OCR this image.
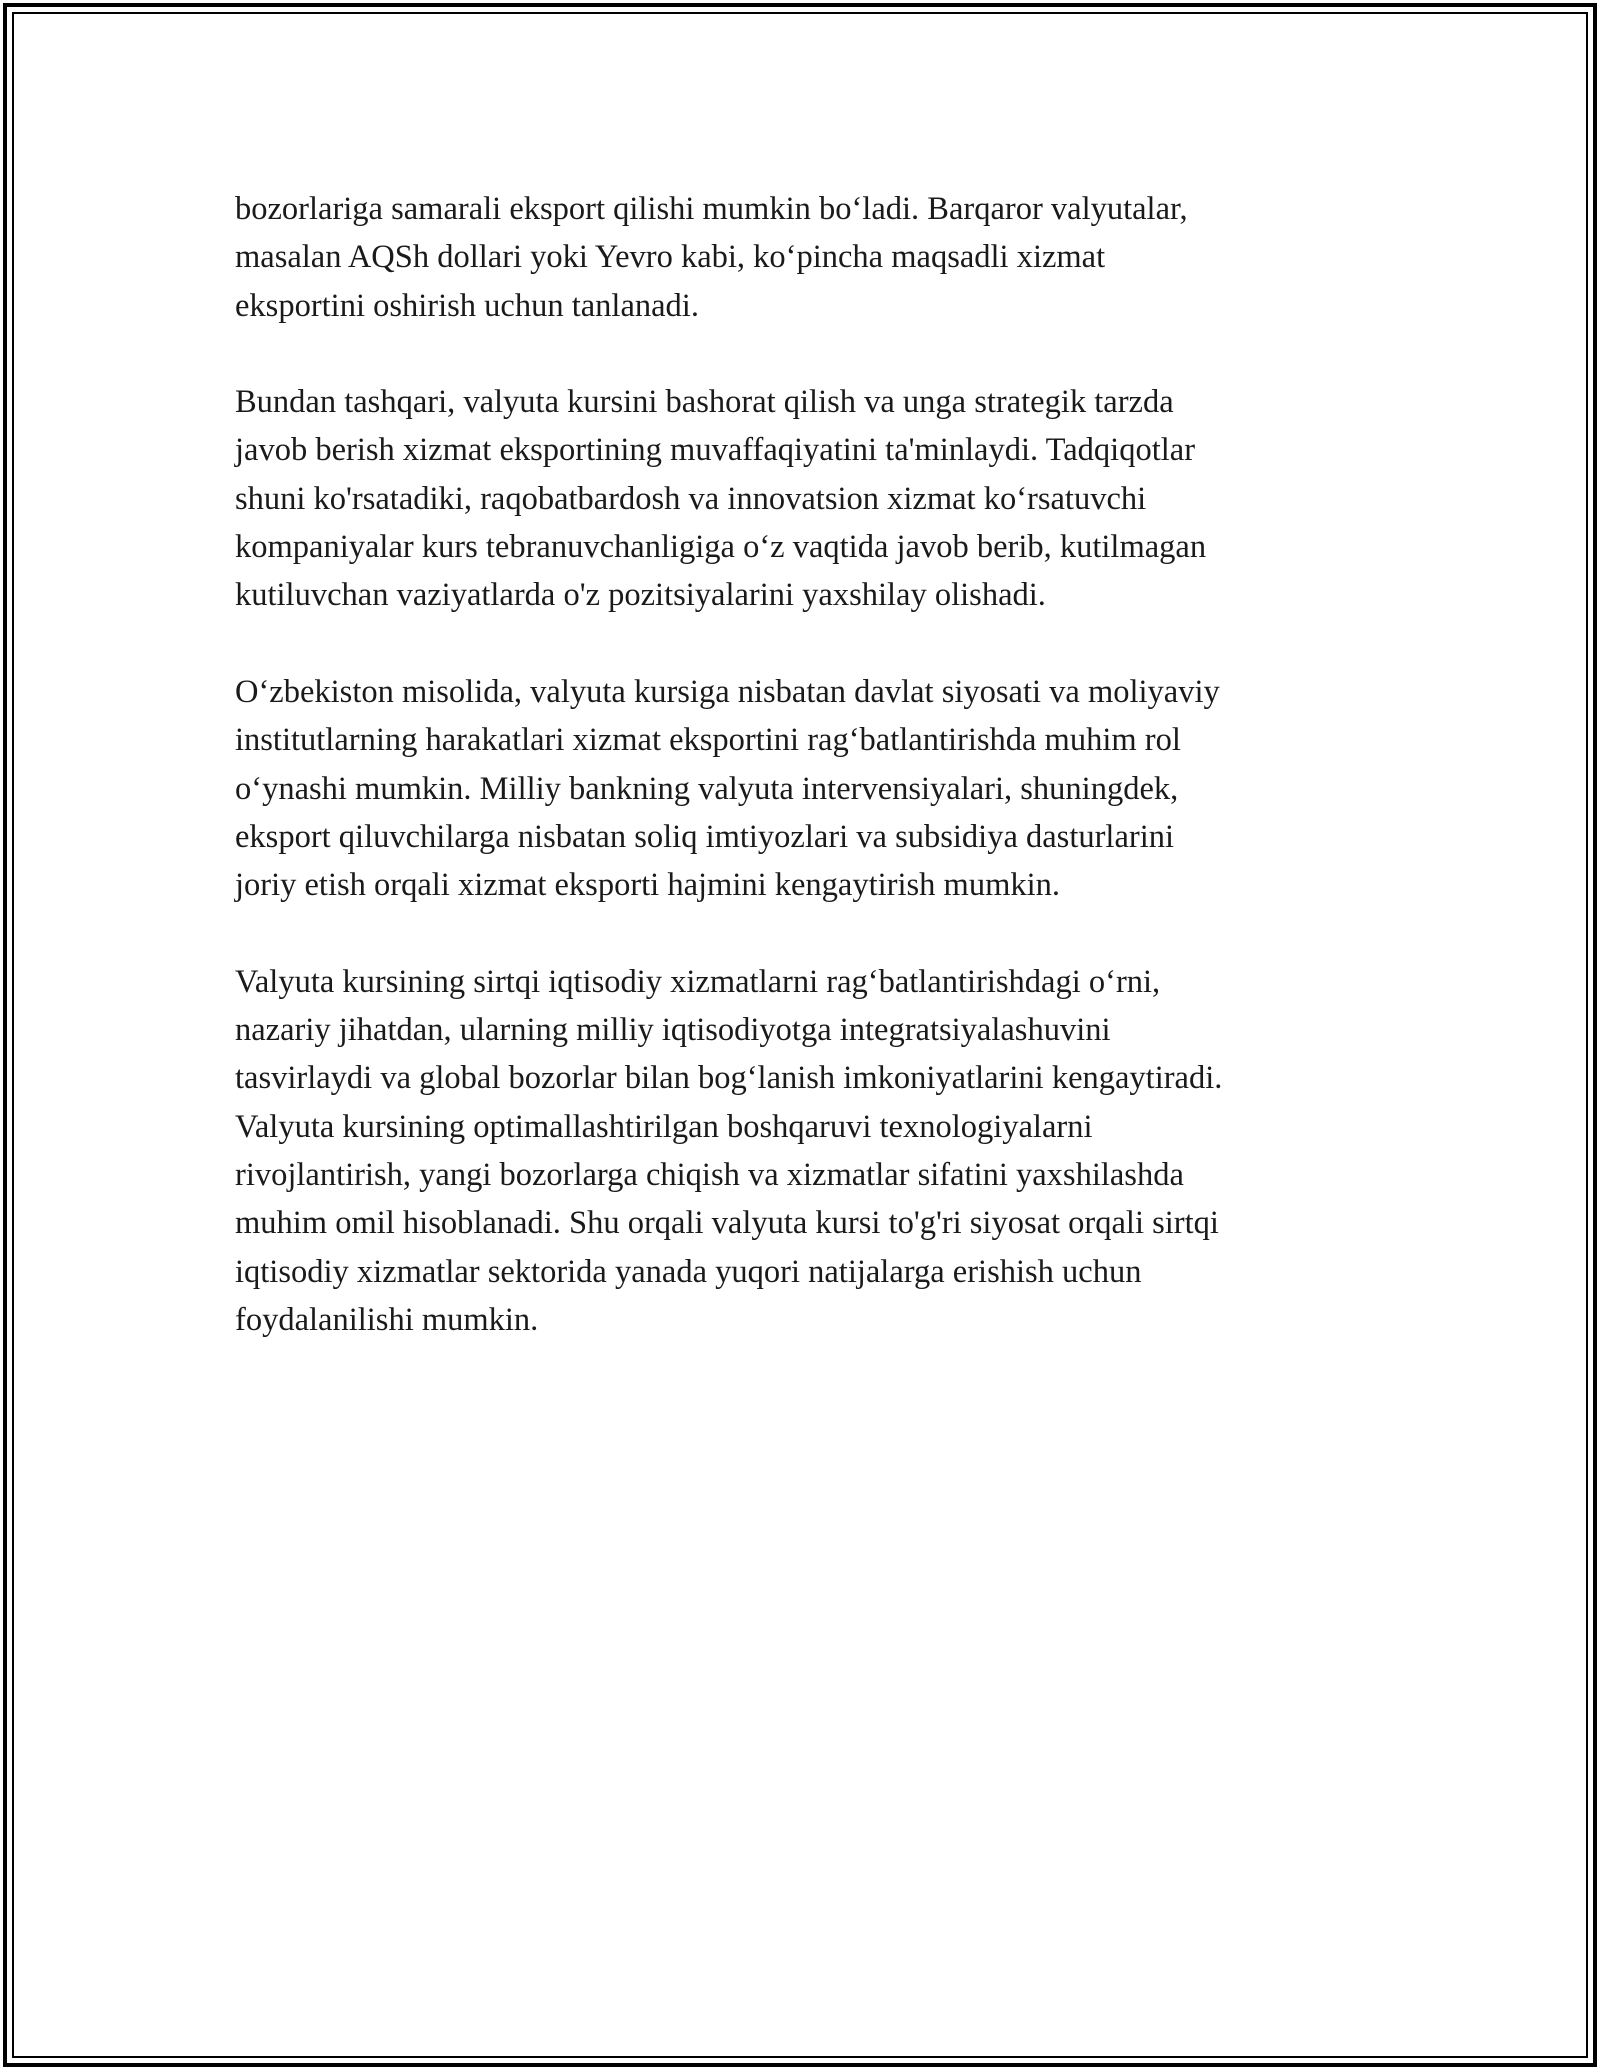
bozorlariga samarali eksport qilishi mumkin bo‘ladi. Barqaror valyutalar,
masalan AQSh dollari yoki Yevro kabi, ko‘pincha maqsadli xizmat
eksportini oshirish uchun tanlanadi.

Bundan tashqari, valyuta kursini bashorat qilish va unga strategik tarzda
javob berish xizmat eksportining muvaffaqiyatini ta'minlaydi. Tadqiqotlar
shuni ko'rsatadiki, raqobatbardosh va innovatsion xizmat ko‘rsatuvchi
kompaniyalar kurs tebranuvchanligiga o‘z vaqtida javob berib, kutilmagan
kutiluvchan vaziyatlarda o'z pozitsiyalarini yaxshilay olishadi.

O‘zbekiston misolida, valyuta kursiga nisbatan davlat siyosati va moliyaviy
institutlarning harakatlari xizmat eksportini rag‘batlantirishda muhim rol
o‘ynashi mumkin. Milliy bankning valyuta intervensiyalari, shuningdek,
eksport qiluvchilarga nisbatan soliq imtiyozlari va subsidiya dasturlarini
joriy etish orqali xizmat eksporti hajmini kengaytirish mumkin.

Valyuta kursining sirtqi iqtisodiy xizmatlarni rag‘batlantirishdagi o‘rni,
nazariy jihatdan, ularning milliy iqtisodiyotga integratsiyalashuvini
tasvirlaydi va global bozorlar bilan bog‘lanish imkoniyatlarini kengaytiradi.
Valyuta kursining optimallashtirilgan boshqaruvi texnologiyalarni
rivojlantirish, yangi bozorlarga chiqish va xizmatlar sifatini yaxshilashda
muhim omil hisoblanadi. Shu orqali valyuta kursi to'g'ri siyosat orqali sirtqi
iqtisodiy xizmatlar sektorida yanada yuqori natijalarga erishish uchun
foydalanilishi mumkin.
